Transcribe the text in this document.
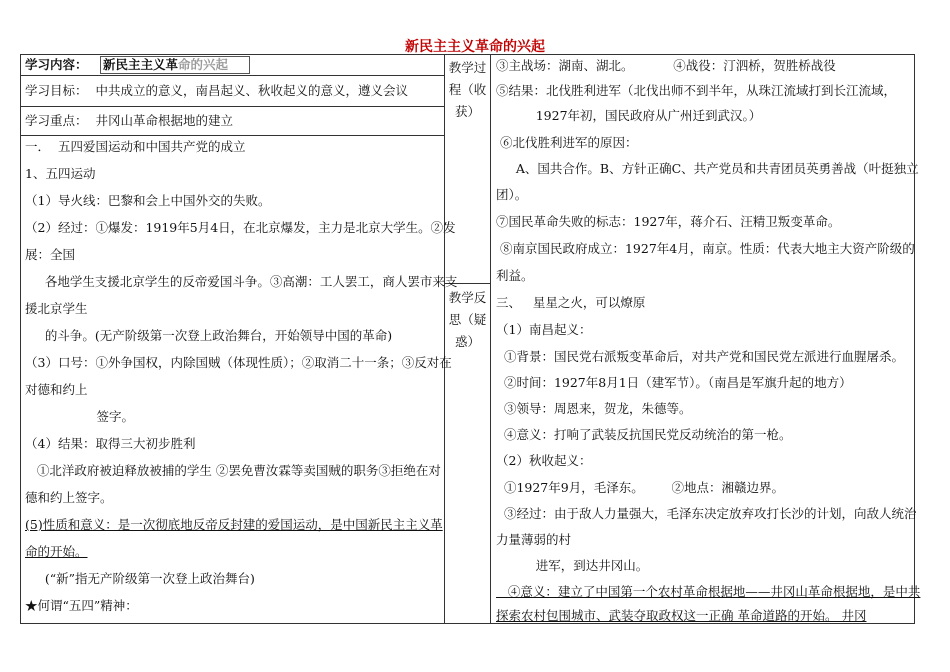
新民主主义革命的兴起
学习内容： 新民主主义革命的兴起
学习目标：  中共成立的意义，南昌起义、秋收起义的意义，遵义会议
学习重点：  井冈山革命根据地的建立
教学过程（收获）
教学反思（疑惑）
一．  五四爱国运动和中国共产党的成立
1、五四运动
（1）导火线：巴黎和会上中国外交的失败。
（2）经过：①爆发：1919年5月4日，在北京爆发，主力是北京大学生。②发
展：全国
各地学生支援北京学生的反帝爱国斗争。③高潮：工人罢工，商人罢市来支
援北京学生
的斗争。(无产阶级第一次登上政治舞台，开始领导中国的革命)
（3）口号：①外争国权，内除国贼（体现性质）；②取消二十一条；③反对在
对德和约上
签字。
（4）结果：取得三大初步胜利
①北洋政府被迫释放被捕的学生 ②罢免曹汝霖等卖国贼的职务③拒绝在对
德和约上签字。
(5)性质和意义：是一次彻底地反帝反封建的爱国运动，是中国新民主主义革
命的开始。
(“新”指无产阶级第一次登上政治舞台)
★何谓“五四”精神：
③主战场：湖南、湖北。          ④战役：汀泗桥，贺胜桥战役
⑤结果：北伐胜利进军（北伐出师不到半年，从珠江流域打到长江流域，
1927年初，国民政府从广州迁到武汉。）
⑥北伐胜利进军的原因：
A、国共合作。B、方针正确C、共产党员和共青团员英勇善战（叶挺独立
团）。
⑦国民革命失败的标志：1927年，蒋介石、汪精卫叛变革命。
⑧南京国民政府成立：1927年4月，南京。性质：代表大地主大资产阶级的
利益。
三、   星星之火，可以燎原
（1）南昌起义：
①背景：国民党右派叛变革命后，对共产党和国民党左派进行血腥屠杀。
②时间：1927年8月1日（建军节）。（南昌是军旗升起的地方）
③领导：周恩来，贺龙，朱德等。
④意义：打响了武装反抗国民党反动统治的第一枪。
（2）秋收起义：
①1927年9月，毛泽东。       ②地点：湘赣边界。
③经过：由于敌人力量强大，毛泽东决定放弃攻打长沙的计划，向敌人统治
力量薄弱的村
进军，到达井冈山。
④意义：建立了中国第一个农村革命根据地——井冈山革命根据地，是中共
探索农村包围城市、武装夺取政权这一正确 革命道路的开始。 井冈
